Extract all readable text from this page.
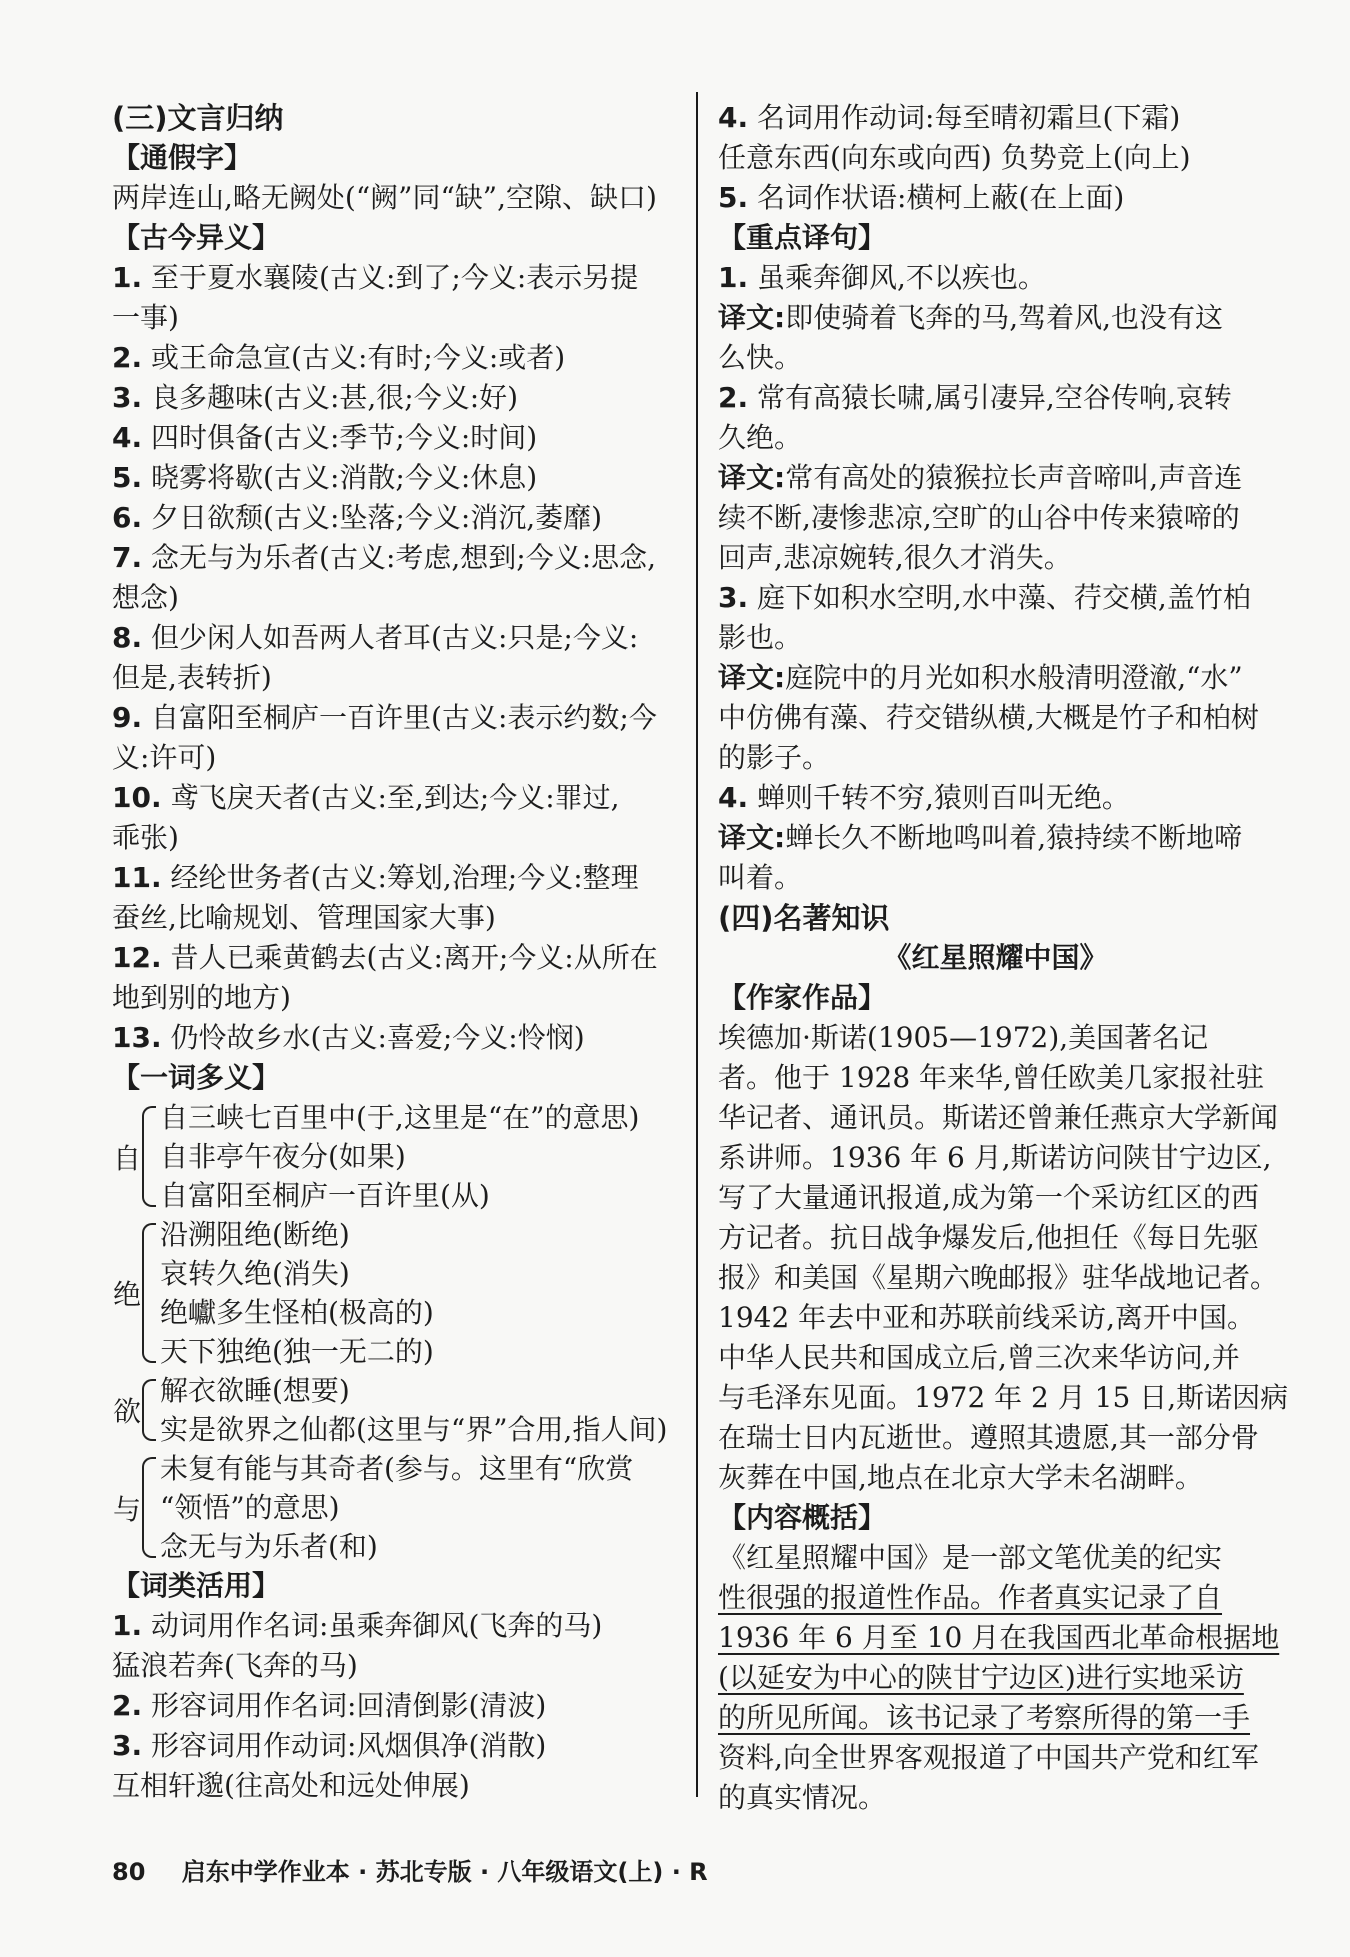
(三)文言归纳
【通假字】
两岸连山,略无阙处(“阙”同“缺”,空隙、缺口)
【古今异义】
1. 至于夏水襄陵(古义:到了;今义:表示另提
一事)
2. 或王命急宣(古义:有时;今义:或者)
3. 良多趣味(古义:甚,很;今义:好)
4. 四时俱备(古义:季节;今义:时间)
5. 晓雾将歇(古义:消散;今义:休息)
6. 夕日欲颓(古义:坠落;今义:消沉,萎靡)
7. 念无与为乐者(古义:考虑,想到;今义:思念,
想念)
8. 但少闲人如吾两人者耳(古义:只是;今义:
但是,表转折)
9. 自富阳至桐庐一百许里(古义:表示约数;今
义:许可)
10. 鸢飞戾天者(古义:至,到达;今义:罪过,
乖张)
11. 经纶世务者(古义:筹划,治理;今义:整理
蚕丝,比喻规划、管理国家大事)
12. 昔人已乘黄鹤去(古义:离开;今义:从所在
地到别的地方)
13. 仍怜故乡水(古义:喜爱;今义:怜悯)
【一词多义】
自
自三峡七百里中(于,这里是“在”的意思)
自非亭午夜分(如果)
自富阳至桐庐一百许里(从)
绝
沿溯阻绝(断绝)
哀转久绝(消失)
绝巘多生怪柏(极高的)
天下独绝(独一无二的)
欲
解衣欲睡(想要)
实是欲界之仙都(这里与“界”合用,指人间)
与
未复有能与其奇者(参与。这里有“欣赏
“领悟”的意思)
念无与为乐者(和)
【词类活用】
1. 动词用作名词:虽乘奔御风(飞奔的马)
猛浪若奔(飞奔的马)
2. 形容词用作名词:回清倒影(清波)
3. 形容词用作动词:风烟俱净(消散)
互相轩邈(往高处和远处伸展)
4. 名词用作动词:每至晴初霜旦(下霜)
任意东西(向东或向西) 负势竞上(向上)
5. 名词作状语:横柯上蔽(在上面)
【重点译句】
1. 虽乘奔御风,不以疾也。
译文:即使骑着飞奔的马,驾着风,也没有这
么快。
2. 常有高猿长啸,属引凄异,空谷传响,哀转
久绝。
译文:常有高处的猿猴拉长声音啼叫,声音连
续不断,凄惨悲凉,空旷的山谷中传来猿啼的
回声,悲凉婉转,很久才消失。
3. 庭下如积水空明,水中藻、荇交横,盖竹柏
影也。
译文:庭院中的月光如积水般清明澄澈,“水”
中仿佛有藻、荇交错纵横,大概是竹子和柏树
的影子。
4. 蝉则千转不穷,猿则百叫无绝。
译文:蝉长久不断地鸣叫着,猿持续不断地啼
叫着。
(四)名著知识
《红星照耀中国》
【作家作品】
埃德加·斯诺(1905—1972),美国著名记
者。他于 1928 年来华,曾任欧美几家报社驻
华记者、通讯员。斯诺还曾兼任燕京大学新闻
系讲师。1936 年 6 月,斯诺访问陕甘宁边区,
写了大量通讯报道,成为第一个采访红区的西
方记者。抗日战争爆发后,他担任《每日先驱
报》和美国《星期六晚邮报》驻华战地记者。
1942 年去中亚和苏联前线采访,离开中国。
中华人民共和国成立后,曾三次来华访问,并
与毛泽东见面。1972 年 2 月 15 日,斯诺因病
在瑞士日内瓦逝世。遵照其遗愿,其一部分骨
灰葬在中国,地点在北京大学未名湖畔。
【内容概括】
《红星照耀中国》是一部文笔优美的纪实
性很强的报道性作品。作者真实记录了自
1936 年 6 月至 10 月在我国西北革命根据地
(以延安为中心的陕甘宁边区)进行实地采访
的所见所闻。该书记录了考察所得的第一手
资料,向全世界客观报道了中国共产党和红军
的真实情况。
80 启东中学作业本 · 苏北专版 · 八年级语文(上) · R
